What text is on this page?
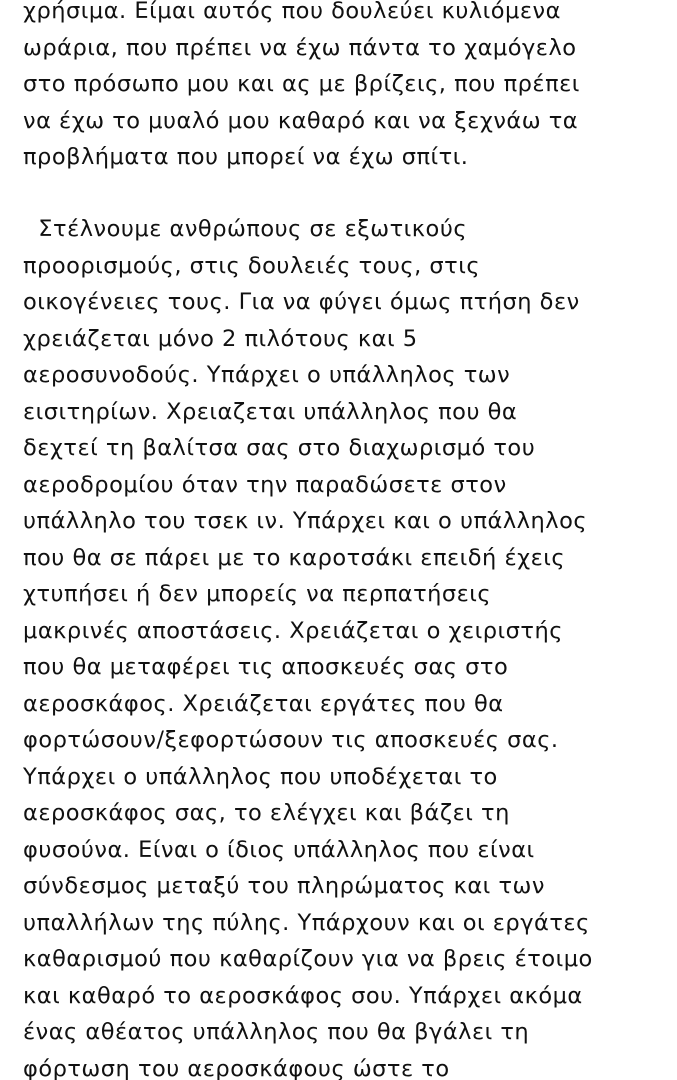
χρήσιμα. Είμαι αυτός που δουλεύει κυλιόμενα
ωράρια, που πρέπει να έχω πάντα το χαμόγελο
στο πρόσωπο μου και ας με βρίζεις, που πρέπει
να έχω το μυαλό μου καθαρό και να ξεχνάω τα
προβλήματα που μπορεί να έχω σπίτι.
Στέλνουμε ανθρώπους σε εξωτικούς
προορισμούς, στις δουλειές τους, στις
οικογένειες τους. Για να φύγει όμως πτήση δεν
χρειάζεται μόνο 2 πιλότους και 5
αεροσυνοδούς. Υπάρχει ο υπάλληλος των
εισιτηρίων. Χρειαζεται υπάλληλος που θα
δεχτεί τη βαλίτσα σας στο διαχωρισμό του
αεροδρομίου όταν την παραδώσετε στον
υπάλληλο του τσεκ ιν. Υπάρχει και ο υπάλληλος
που θα σε πάρει με το καροτσάκι επειδή έχεις
χτυπήσει ή δεν μπορείς να περπατήσεις
μακρινές αποστάσεις. Χρειάζεται ο χειριστής
που θα μεταφέρει τις αποσκευές σας στο
αεροσκάφος. Χρειάζεται εργάτες που θα
φορτώσουν/ξεφορτώσουν τις αποσκευές σας.
Υπάρχει ο υπάλληλος που υποδέχεται το
αεροσκάφος σας, το ελέγχει και βάζει τη
φυσούνα. Είναι ο ίδιος υπάλληλος που είναι
σύνδεσμος μεταξύ του πληρώματος και των
υπαλλήλων της πύλης. Υπάρχουν και οι εργάτες
καθαρισμού που καθαρίζουν για να βρεις έτοιμο
και καθαρό το αεροσκάφος σου. Υπάρχει ακόμα
ένας αθέατος υπάλληλος που θα βγάλει τη
φόρτωση του αεροσκάφους ώστε το
